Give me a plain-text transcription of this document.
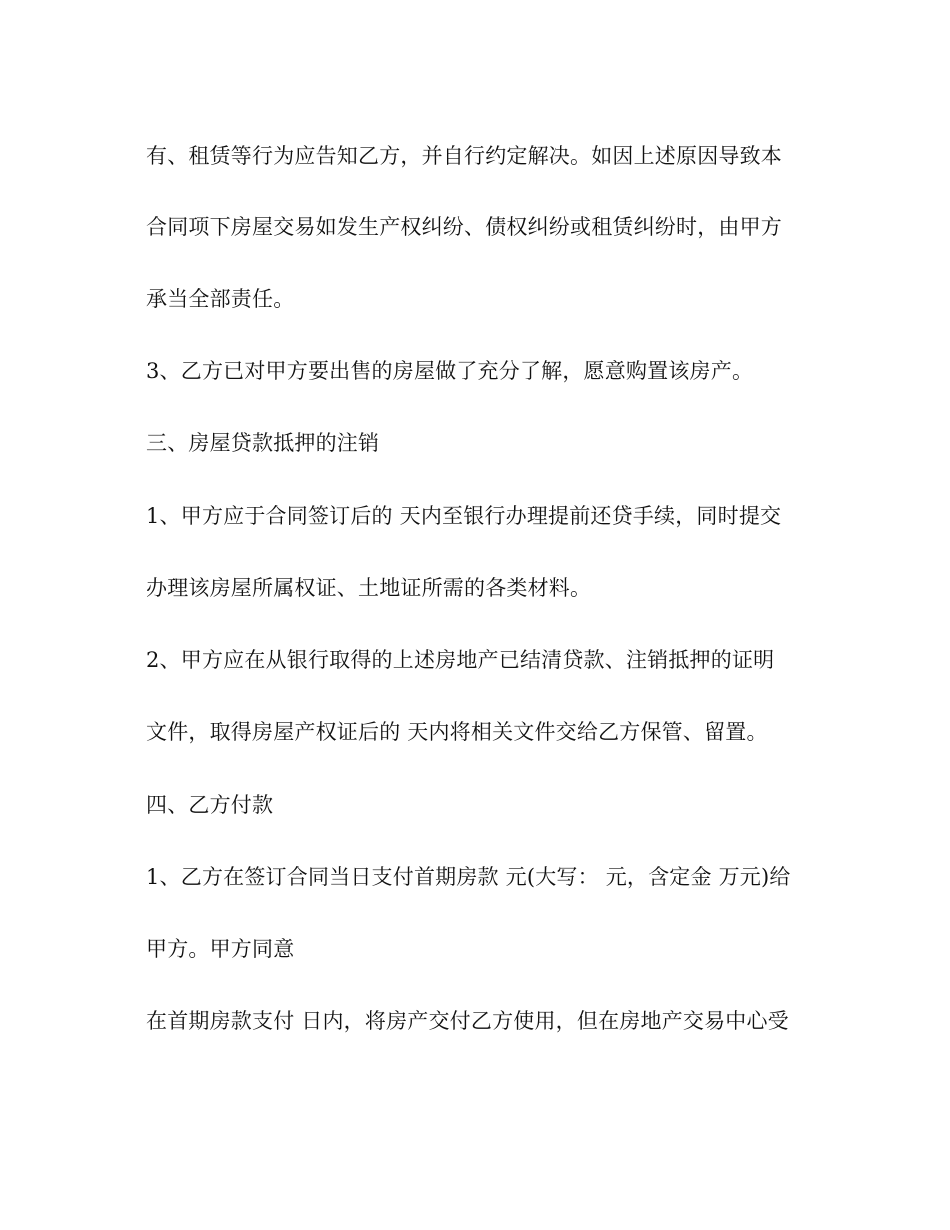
有、租赁等行为应告知乙方，并自行约定解决。如因上述原因导致本
合同项下房屋交易如发生产权纠纷、债权纠纷或租赁纠纷时，由甲方
承当全部责任。
3、乙方已对甲方要出售的房屋做了充分了解，愿意购置该房产。
三、房屋贷款抵押的注销
1、甲方应于合同签订后的 天内至银行办理提前还贷手续，同时提交
办理该房屋所属权证、土地证所需的各类材料。
2、甲方应在从银行取得的上述房地产已结清贷款、注销抵押的证明
文件，取得房屋产权证后的 天内将相关文件交给乙方保管、留置。
四、乙方付款
1、乙方在签订合同当日支付首期房款 元(大写： 元，含定金 万元)给
甲方。甲方同意
在首期房款支付 日内，将房产交付乙方使用，但在房地产交易中心受
